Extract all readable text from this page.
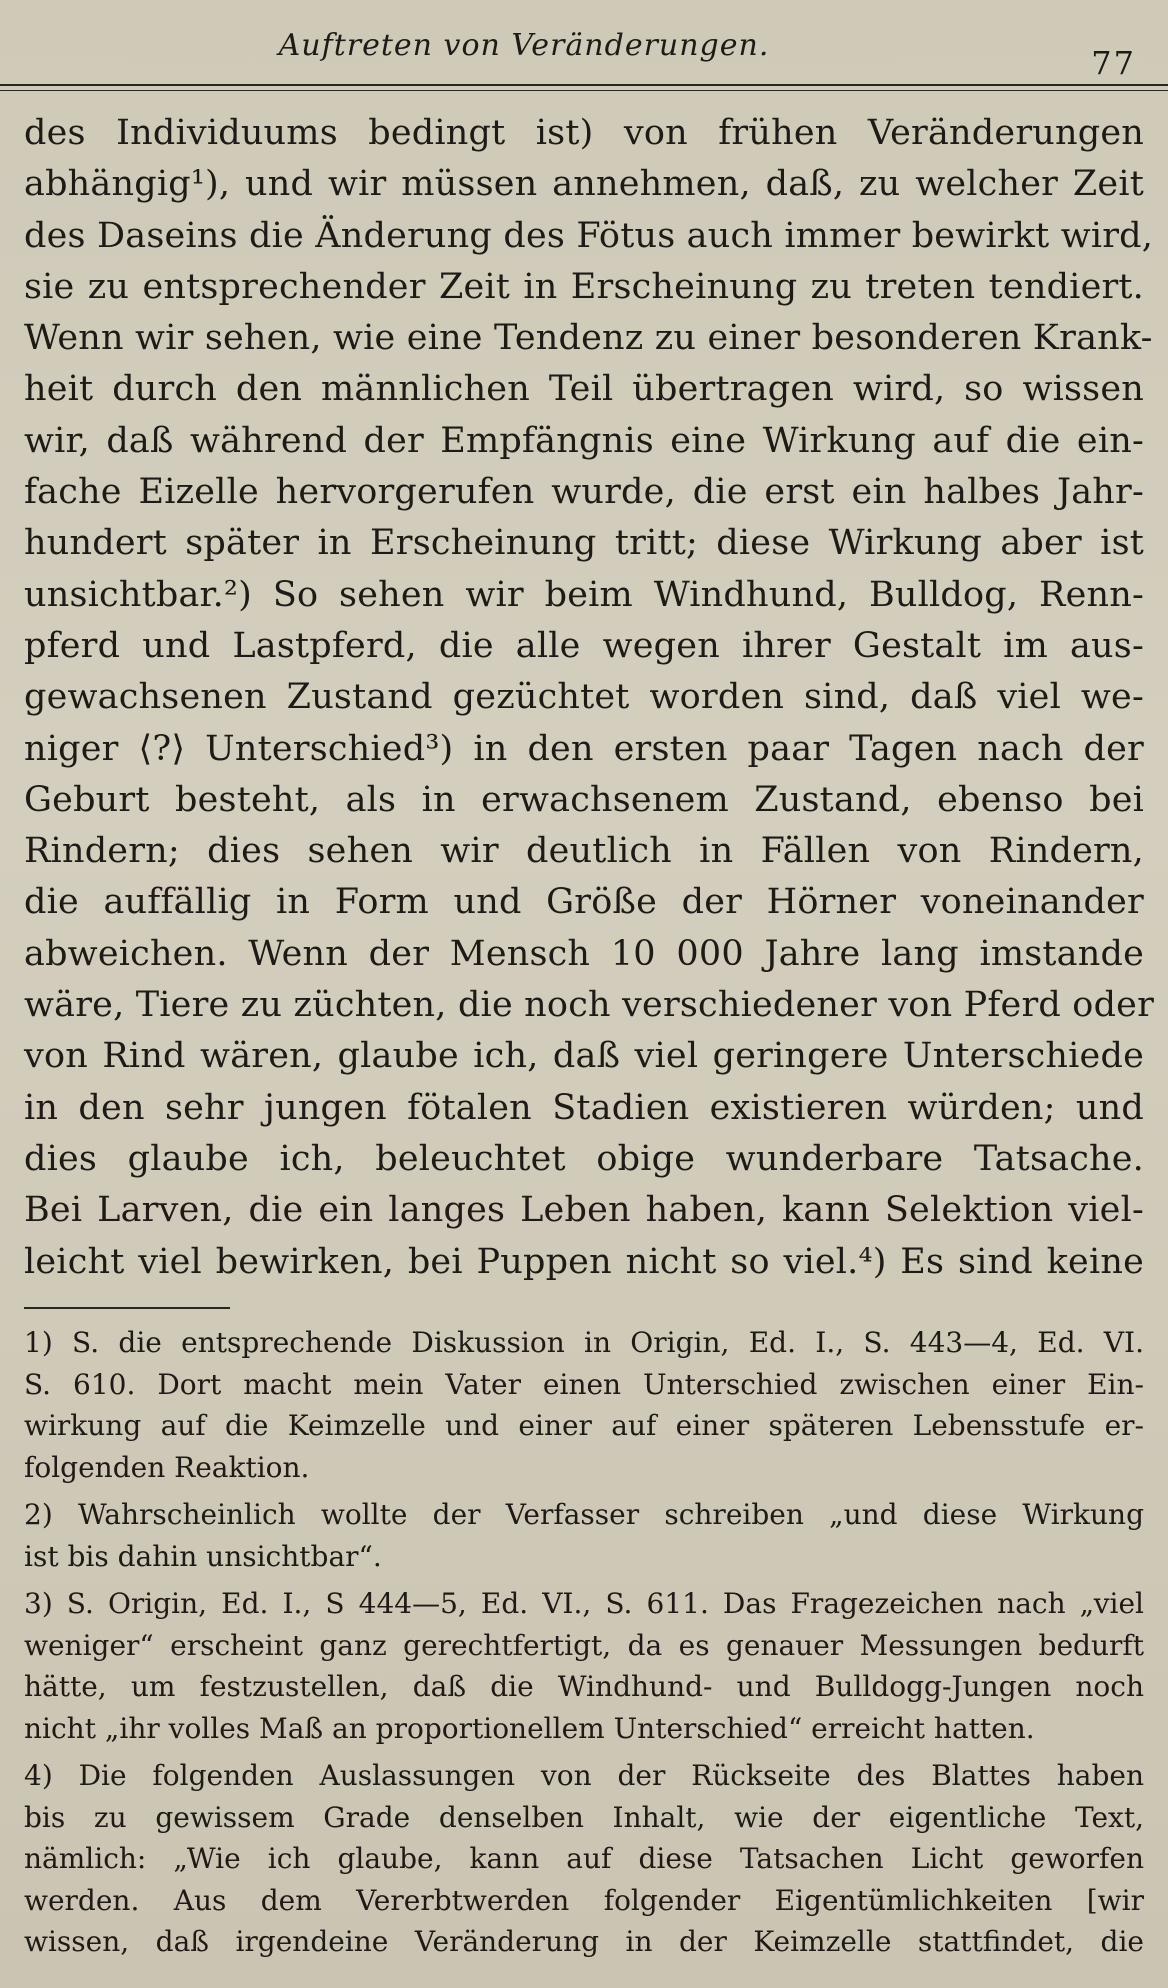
Auftreten von Veränderungen.	77
des Individuums bedingt ist) von frühen Veränderungen
abhängig¹), und wir müssen annehmen, daß, zu welcher Zeit
des Daseins die Änderung des Fötus auch immer bewirkt wird,
sie zu entsprechender Zeit in Erscheinung zu treten tendiert.
Wenn wir sehen, wie eine Tendenz zu einer besonderen Krank-
heit durch den männlichen Teil übertragen wird, so wissen
wir, daß während der Empfängnis eine Wirkung auf die ein-
fache Eizelle hervorgerufen wurde, die erst ein halbes Jahr-
hundert später in Erscheinung tritt; diese Wirkung aber ist
unsichtbar.²) So sehen wir beim Windhund, Bulldog, Renn-
pferd und Lastpferd, die alle wegen ihrer Gestalt im aus-
gewachsenen Zustand gezüchtet worden sind, daß viel we-
niger ⟨?⟩ Unterschied³) in den ersten paar Tagen nach der
Geburt besteht, als in erwachsenem Zustand, ebenso bei
Rindern; dies sehen wir deutlich in Fällen von Rindern,
die auffällig in Form und Größe der Hörner voneinander
abweichen. Wenn der Mensch 10 000 Jahre lang imstande
wäre, Tiere zu züchten, die noch verschiedener von Pferd oder
von Rind wären, glaube ich, daß viel geringere Unterschiede
in den sehr jungen fötalen Stadien existieren würden; und
dies glaube ich, beleuchtet obige wunderbare Tatsache.
Bei Larven, die ein langes Leben haben, kann Selektion viel-
leicht viel bewirken, bei Puppen nicht so viel.⁴) Es sind keine
1) S. die entsprechende Diskussion in Origin, Ed. I., S. 443—4, Ed. VI.
S. 610. Dort macht mein Vater einen Unterschied zwischen einer Ein-
wirkung auf die Keimzelle und einer auf einer späteren Lebensstufe er-
folgenden Reaktion.
2) Wahrscheinlich wollte der Verfasser schreiben „und diese Wirkung
ist bis dahin unsichtbar“.
3) S. Origin, Ed. I., S 444—5, Ed. VI., S. 611. Das Fragezeichen nach „viel
weniger“ erscheint ganz gerechtfertigt, da es genauer Messungen bedurft
hätte, um festzustellen, daß die Windhund- und Bulldogg-Jungen noch
nicht „ihr volles Maß an proportionellem Unterschied“ erreicht hatten.
4) Die folgenden Auslassungen von der Rückseite des Blattes haben
bis zu gewissem Grade denselben Inhalt, wie der eigentliche Text,
nämlich: „Wie ich glaube, kann auf diese Tatsachen Licht geworfen
werden. Aus dem Vererbtwerden folgender Eigentümlichkeiten [wir
wissen, daß irgendeine Veränderung in der Keimzelle stattfindet, die
